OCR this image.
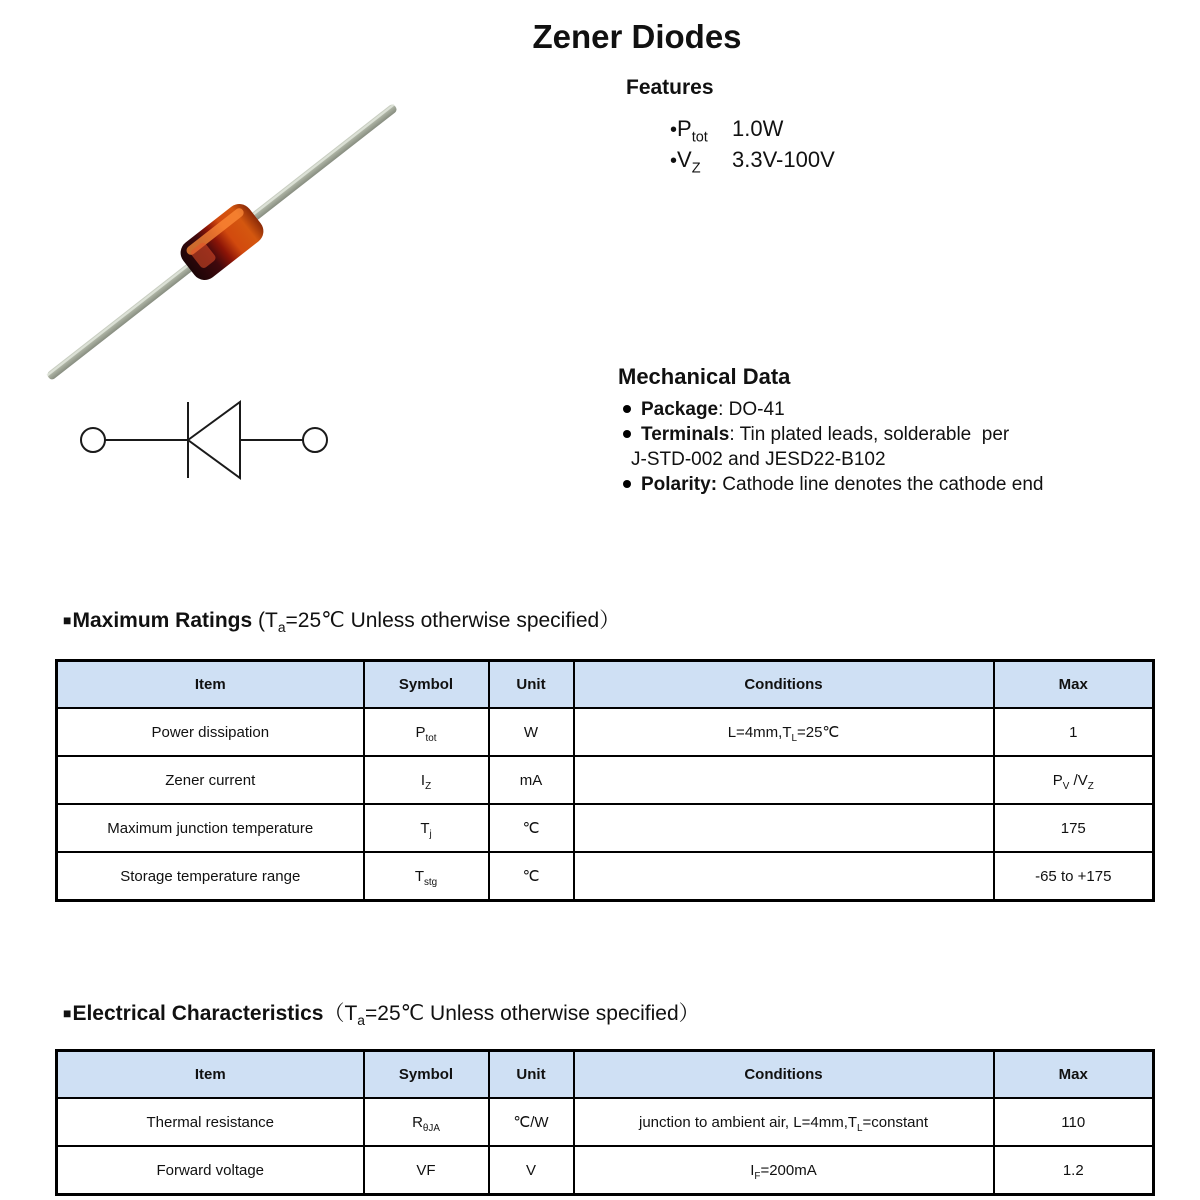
Zener Diodes
Features
$•P_{tot}$	1.0W
$•V_Z$	3.3V-100V
Mechanical Data
Package: DO-41
Terminals: Tin plated leads, solderable  per
J-STD-002 and JESD22-B102
Polarity: Cathode line denotes the cathode end
■Maximum Ratings ($T_a=25℃$ Unless otherwise specified）
Item	Symbol	Unit	Conditions	Max
Power dissipation	$P_{tot}$	W	$L=4mm,T_L=25℃$	1
Zener current	$I_Z$	mA		$P_V$ $/V_Z$
Maximum junction temperature	$T_j$	℃		175
Storage temperature range	$T_{stg}$	℃		-65 to +175
■Electrical $Characteristics(T_a=25℃$ Unless otherwise specified）
Item	Symbol	Unit	Conditions	Max
Thermal resistance	$R_{\theta JA}$	℃/W	junction to ambient air, $L=4mm,T_L=constant$	110
Forward voltage	VF	V	$I_F=200mA$	1.2
